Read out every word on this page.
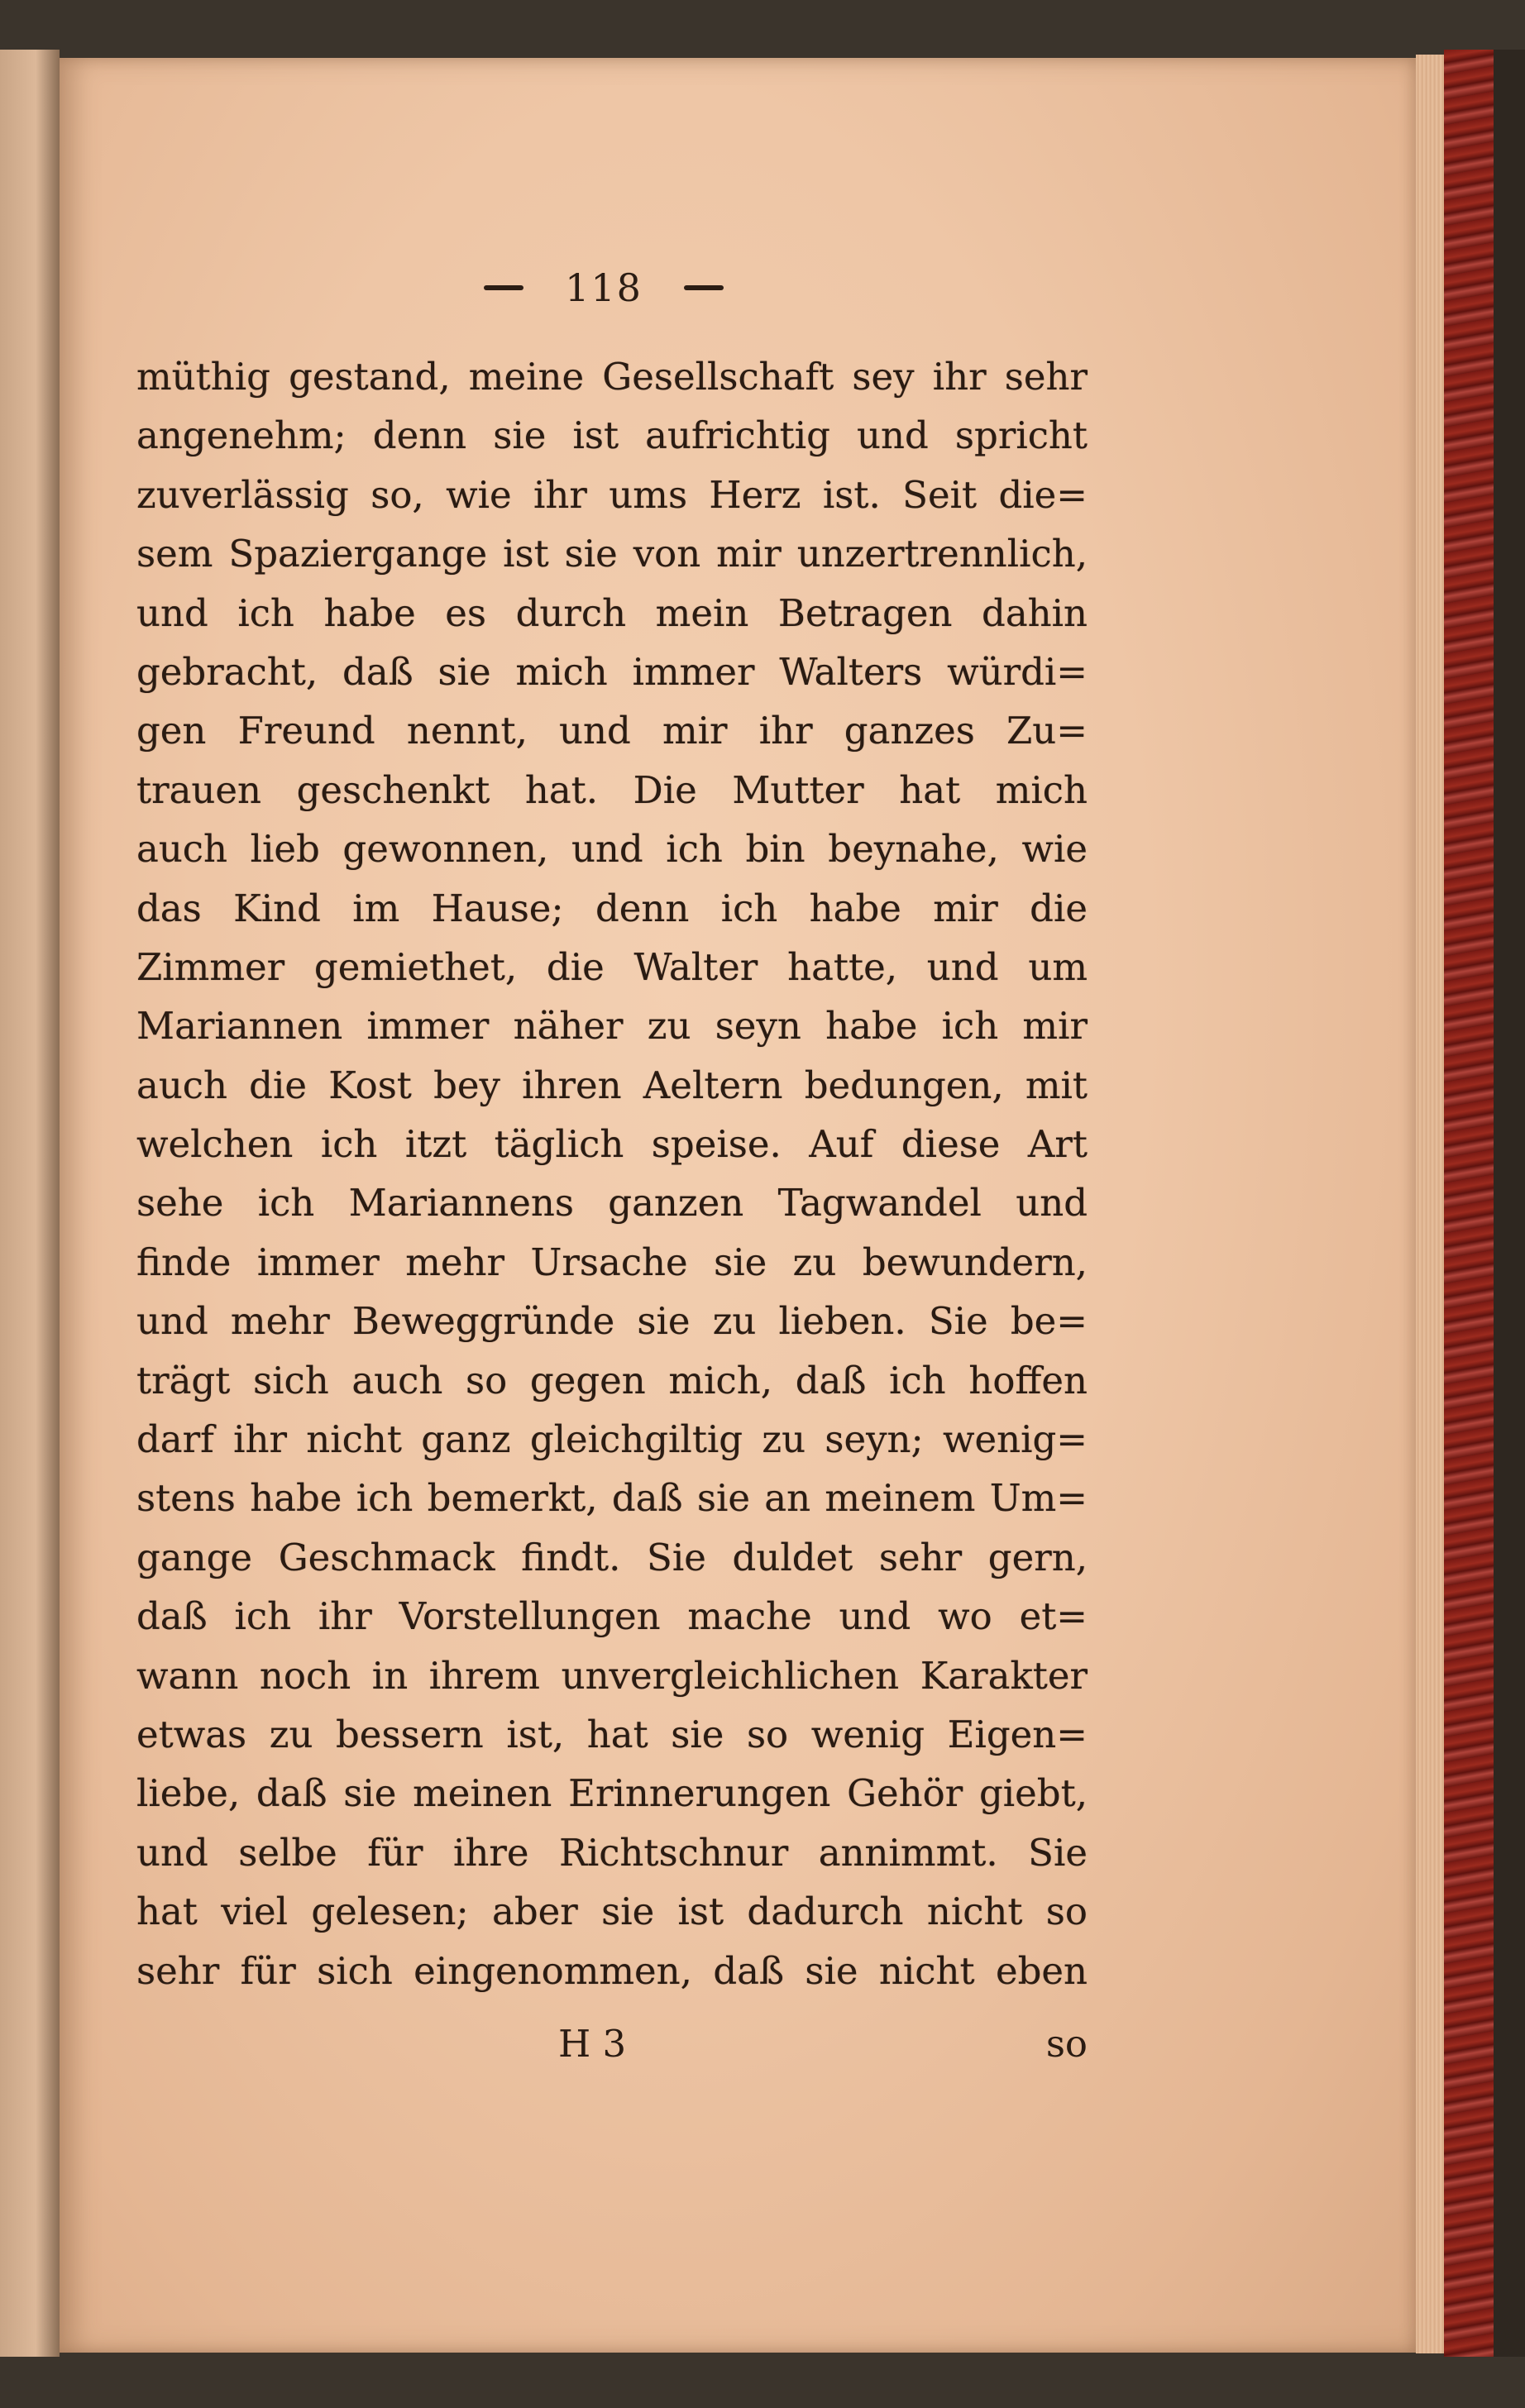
118
müthig gestand, meine Gesellschaft sey ihr sehr
angenehm; denn sie ist aufrichtig und spricht
zuverlässig so, wie ihr ums Herz ist. Seit die=
sem Spaziergange ist sie von mir unzertrennlich,
und ich habe es durch mein Betragen dahin
gebracht, daß sie mich immer Walters würdi=
gen Freund nennt, und mir ihr ganzes Zu=
trauen geschenkt hat. Die Mutter hat mich
auch lieb gewonnen, und ich bin beynahe, wie
das Kind im Hause; denn ich habe mir die
Zimmer gemiethet, die Walter hatte, und um
Mariannen immer näher zu seyn habe ich mir
auch die Kost bey ihren Aeltern bedungen, mit
welchen ich itzt täglich speise. Auf diese Art
sehe ich Mariannens ganzen Tagwandel und
finde immer mehr Ursache sie zu bewundern,
und mehr Beweggründe sie zu lieben. Sie be=
trägt sich auch so gegen mich, daß ich hoffen
darf ihr nicht ganz gleichgiltig zu seyn; wenig=
stens habe ich bemerkt, daß sie an meinem Um=
gange Geschmack findt. Sie duldet sehr gern,
daß ich ihr Vorstellungen mache und wo et=
wann noch in ihrem unvergleichlichen Karakter
etwas zu bessern ist, hat sie so wenig Eigen=
liebe, daß sie meinen Erinnerungen Gehör giebt,
und selbe für ihre Richtschnur annimmt. Sie
hat viel gelesen; aber sie ist dadurch nicht so
sehr für sich eingenommen, daß sie nicht eben
H 3	so
